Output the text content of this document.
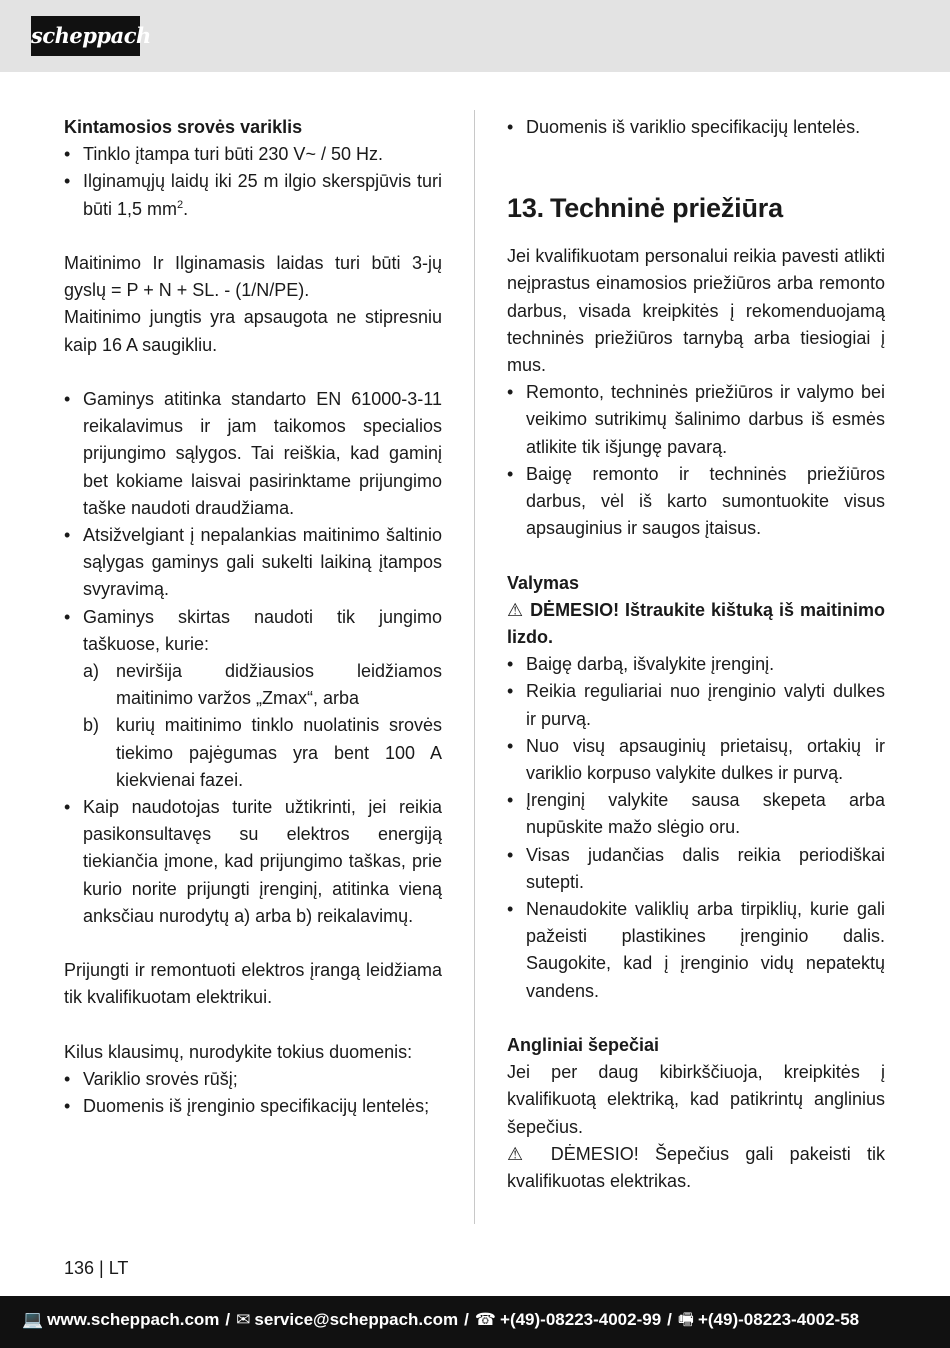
scheppach
Kintamosios srovės variklis
• Tinklo įtampa turi būti 230 V~ / 50 Hz.
• Ilginamųjų laidų iki 25 m ilgio skerspjūvis turi būti 1,5 $mm^2$.
Maitinimo Ir Ilginamasis laidas turi būti 3-jų gyslų = P + N + SL. - (1/N/PE).
Maitinimo jungtis yra apsaugota ne stipresniu kaip 16 A saugikliu.
• Gaminys atitinka standarto EN 61000-3-11 reikalavimus ir jam taikomos specialios prijungimo sąlygos. Tai reiškia, kad gaminį bet kokiame laisvai pasirinktame prijungimo taške naudoti draudžiama.
• Atsižvelgiant į nepalankias maitinimo šaltinio sąlygas gaminys gali sukelti laikiną įtampos svyravimą.
• Gaminys skirtas naudoti tik jungimo taškuose, kurie:
a) neviršija didžiausios leidžiamos maitinimo varžos „Zmax“, arba
b) kurių maitinimo tinklo nuolatinis srovės tiekimo pajėgumas yra bent 100 A kiekvienai fazei.
• Kaip naudotojas turite užtikrinti, jei reikia pasikonsultavęs su elektros energiją tiekiančia įmone, kad prijungimo taškas, prie kurio norite prijungti įrenginį, atitinka vieną anksčiau nurodytų a) arba b) reikalavimų.
Prijungti ir remontuoti elektros įrangą leidžiama tik kvalifikuotam elektrikui.
Kilus klausimų, nurodykite tokius duomenis:
• Variklio srovės rūšį;
• Duomenis iš įrenginio specifikacijų lentelės;
• Duomenis iš variklio specifikacijų lentelės.
13. Techninė priežiūra
Jei kvalifikuotam personalui reikia pavesti atlikti neįprastus einamosios priežiūros arba remonto darbus, visada kreipkitės į rekomenduojamą techninės priežiūros tarnybą arba tiesiogiai į mus.
• Remonto, techninės priežiūros ir valymo bei veikimo sutrikimų šalinimo darbus iš esmės atlikite tik išjungę pavarą.
• Baigę remonto ir techninės priežiūros darbus, vėl iš karto sumontuokite visus apsauginius ir saugos įtaisus.
Valymas
⚠ DĖMESIO! Ištraukite kištuką iš maitinimo lizdo.
• Baigę darbą, išvalykite įrenginį.
• Reikia reguliariai nuo įrenginio valyti dulkes ir purvą.
• Nuo visų apsauginių prietaisų, ortakių ir variklio korpuso valykite dulkes ir purvą.
• Įrenginį valykite sausa skepeta arba nupūskite mažo slėgio oru.
• Visas judančias dalis reikia periodiškai sutepti.
• Nenaudokite valiklių arba tirpiklių, kurie gali pažeisti plastikines įrenginio dalis. Saugokite, kad į įrenginio vidų nepatektų vandens.
Angliniai šepečiai
Jei per daug kibirkščiuoja, kreipkitės į kvalifikuotą elektriką, kad patikrintų anglinius šepečius.
⚠ DĖMESIO! Šepečius gali pakeisti tik kvalifikuotas elektrikas.
136 | LT
💻 www.scheppach.com / ✉ service@scheppach.com / ☎ +(49)-08223-4002-99 / 🖷 +(49)-08223-4002-58
